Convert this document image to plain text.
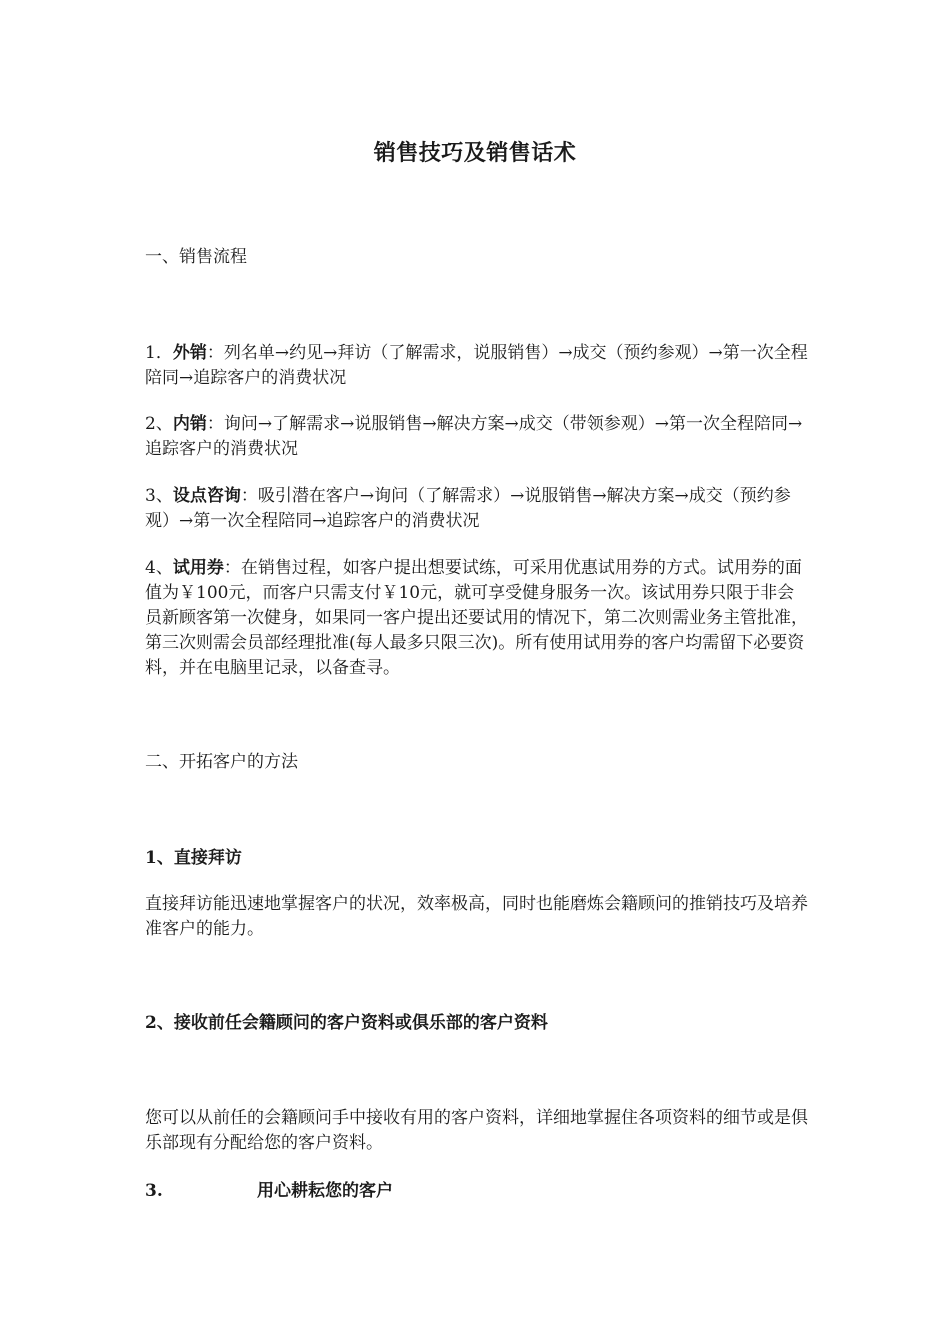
销售技巧及销售话术
一、销售流程

1．外销：列名单→约见→拜访（了解需求，说服销售）→成交（预约参观）→第一次全程陪同→追踪客户的消费状况

2、内销：询问→了解需求→说服销售→解决方案→成交（带领参观）→第一次全程陪同→追踪客户的消费状况

3、设点咨询：吸引潜在客户→询问（了解需求）→说服销售→解决方案→成交（预约参观）→第一次全程陪同→追踪客户的消费状况

4、试用券：在销售过程，如客户提出想要试练，可采用优惠试用券的方式。试用券的面值为￥100元，而客户只需支付￥10元，就可享受健身服务一次。该试用券只限于非会员新顾客第一次健身，如果同一客户提出还要试用的情况下，第二次则需业务主管批准，第三次则需会员部经理批准(每人最多只限三次)。所有使用试用券的客户均需留下必要资料，并在电脑里记录，以备查寻。

二、开拓客户的方法
1、直接拜访

直接拜访能迅速地掌握客户的状况，效率极高，同时也能磨炼会籍顾问的推销技巧及培养准客户的能力。

2、接收前任会籍顾问的客户资料或俱乐部的客户资料

您可以从前任的会籍顾问手中接收有用的客户资料，详细地掌握住各项资料的细节或是俱乐部现有分配给您的客户资料。

3.	用心耕耘您的客户
